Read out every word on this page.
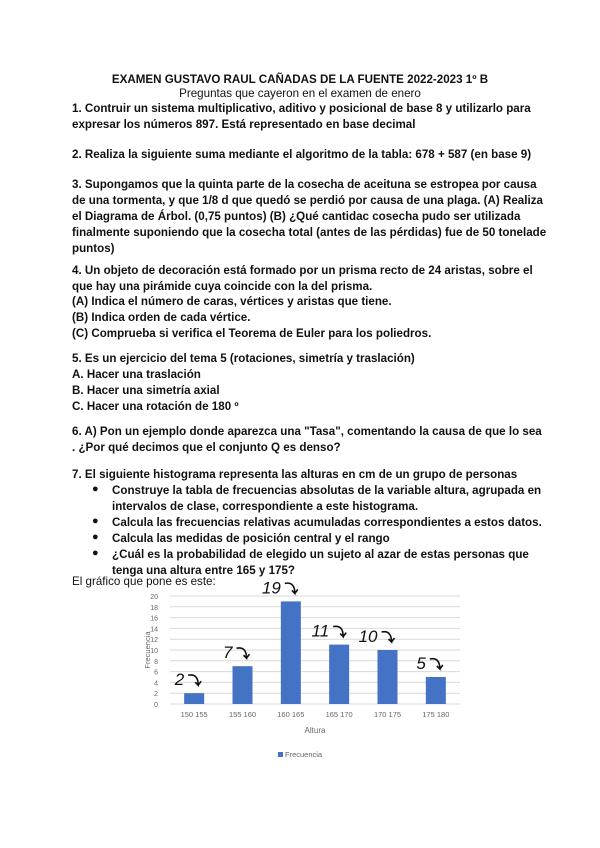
EXAMEN GUSTAVO RAUL CAÑADAS DE LA FUENTE 2022-2023 1º B
Preguntas que cayeron en el examen de enero
1. Contruir un sistema multiplicativo, aditivo y posicional de base 8 y utilizarlo para
expresar los números 897. Está representado en base decimal
2. Realiza la siguiente suma mediante el algoritmo de la tabla: 678 + 587 (en base 9)
3. Supongamos que la quinta parte de la cosecha de aceituna se estropea por causa
de una tormenta, y que 1/8 d que quedó se perdió por causa de una plaga. (A) Realiza
el Diagrama de Árbol. (0,75 puntos) (B) ¿Qué cantidac cosecha pudo ser utilizada
finalmente suponiendo que la cosecha total (antes de las pérdidas) fue de 50 tonelade
puntos)
4. Un objeto de decoración está formado por un prisma recto de 24 aristas, sobre el
que hay una pirámide cuya coincide con la del prisma.
(A) Indica el número de caras, vértices y aristas que tiene.
(B) Indica orden de cada vértice.
(C) Comprueba si verifica el Teorema de Euler para los poliedros.
5. Es un ejercicio del tema 5 (rotaciones, simetría y traslación)
A. Hacer una traslación
B. Hacer una simetría axial
C. Hacer una rotación de 180 º
6. A) Pon un ejemplo donde aparezca una "Tasa", comentando la causa de que lo sea
. ¿Por qué decimos que el conjunto Q es denso?
7. El siguiente histograma representa las alturas en cm de un grupo de personas
● Construye la tabla de frecuencias absolutas de la variable altura, agrupada en
intervalos de clase, correspondiente a este histograma.
● Calcula las frecuencias relativas acumuladas correspondientes a estos datos.
● Calcula las medidas de posición central y el rango
● ¿Cuál es la probabilidad de elegido un sujeto al azar de estas personas que
tenga una altura entre 165 y 175?
El gráfico que pone es este:
0
2
4
6
8
10
12
14
16
18
20
150 155
2
155 160
7
160 165
19
165 170
11
170 175
10
175 180
5
Altura
Frecuencia
Frecuencia
